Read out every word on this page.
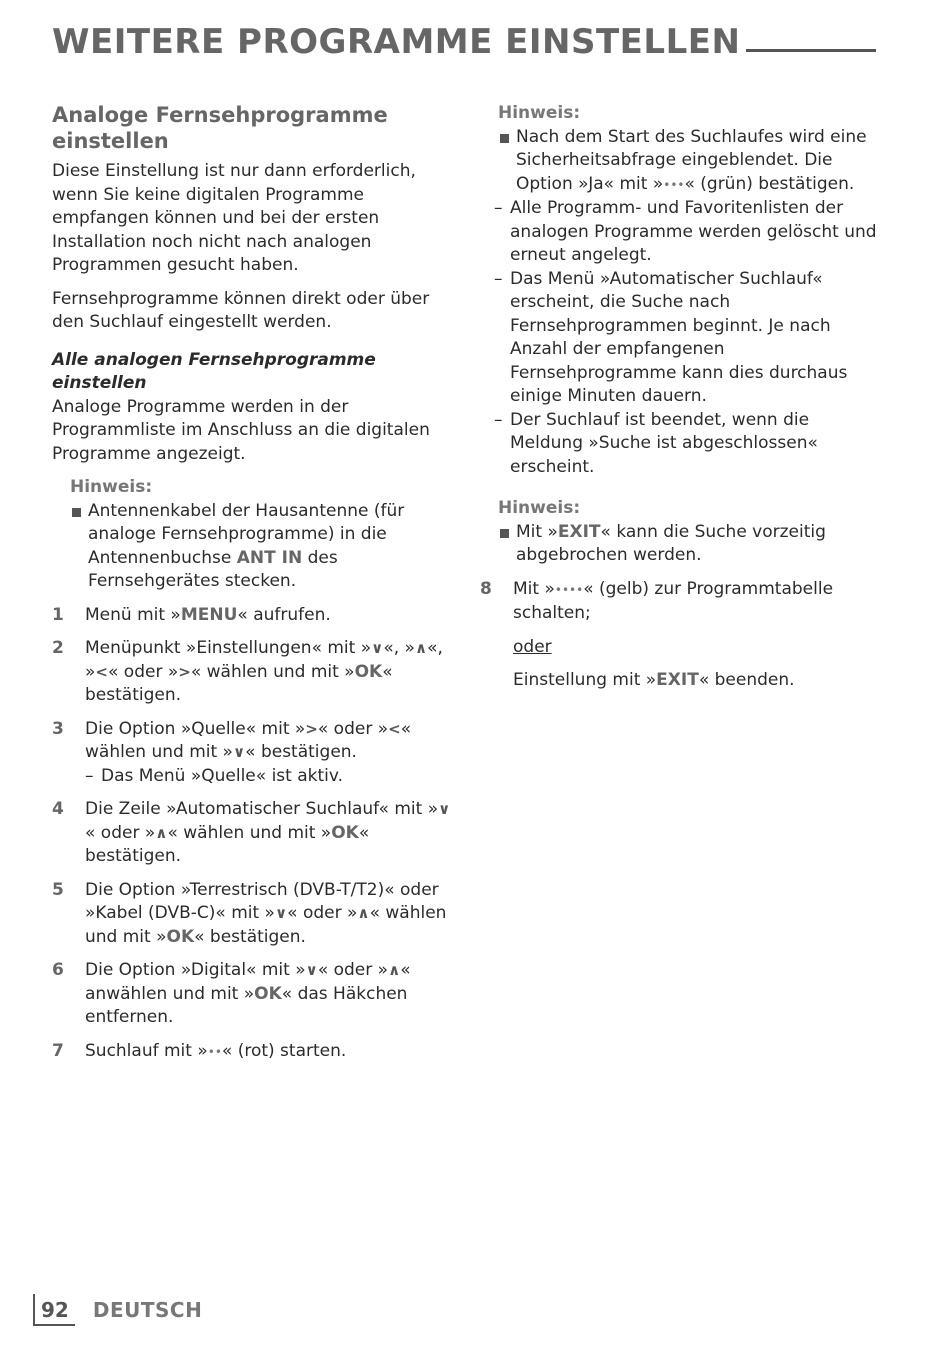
WEITERE PROGRAMME EINSTELLEN

Analoge Fernsehprogramme einstellen

Diese Einstellung ist nur dann erforderlich, wenn Sie keine digitalen Programme empfangen können und bei der ersten Installation noch nicht nach analogen Programmen gesucht haben.

Fernsehprogramme können direkt oder über den Suchlauf eingestellt werden.

Alle analogen Fernsehprogramme einstellen

Analoge Programme werden in der Programmliste im Anschluss an die digitalen Programme angezeigt.

Hinweis:
Antennenkabel der Hausantenne (für analoge Fernsehprogramme) in die Antennenbuchse ANT IN des Fernsehgerätes stecken.
1 Menü mit »MENU« aufrufen.
2 Menüpunkt »Einstellungen« mit »∨«, »∧«, »<« oder »>« wählen und mit »OK« bestätigen.
3 Die Option »Quelle« mit »>« oder »<« wählen und mit »∨« bestätigen.
– Das Menü »Quelle« ist aktiv.
4 Die Zeile »Automatischer Suchlauf« mit »∨« oder »∧« wählen und mit »OK« bestätigen.
5 Die Option »Terrestrisch (DVB-T/T2)« oder »Kabel (DVB-C)« mit »∨« oder »∧« wählen und mit »OK« bestätigen.
6 Die Option »Digital« mit »∨« oder »∧« anwählen und mit »OK« das Häkchen entfernen.
7 Suchlauf mit »••« (rot) starten.
Hinweis:
Nach dem Start des Suchlaufes wird eine Sicherheitsabfrage eingeblendet. Die Option »Ja« mit »•••« (grün) bestätigen.
– Alle Programm- und Favoritenlisten der analogen Programme werden gelöscht und erneut angelegt.
– Das Menü »Automatischer Suchlauf« erscheint, die Suche nach Fernsehprogrammen beginnt. Je nach Anzahl der empfangenen Fernsehprogramme kann dies durchaus einige Minuten dauern.
– Der Suchlauf ist beendet, wenn die Meldung »Suche ist abgeschlossen« erscheint.
Hinweis:
Mit »EXIT« kann die Suche vorzeitig abgebrochen werden.
8 Mit »••••« (gelb) zur Programmtabelle schalten;

oder

Einstellung mit »EXIT« beenden.

92	DEUTSCH
